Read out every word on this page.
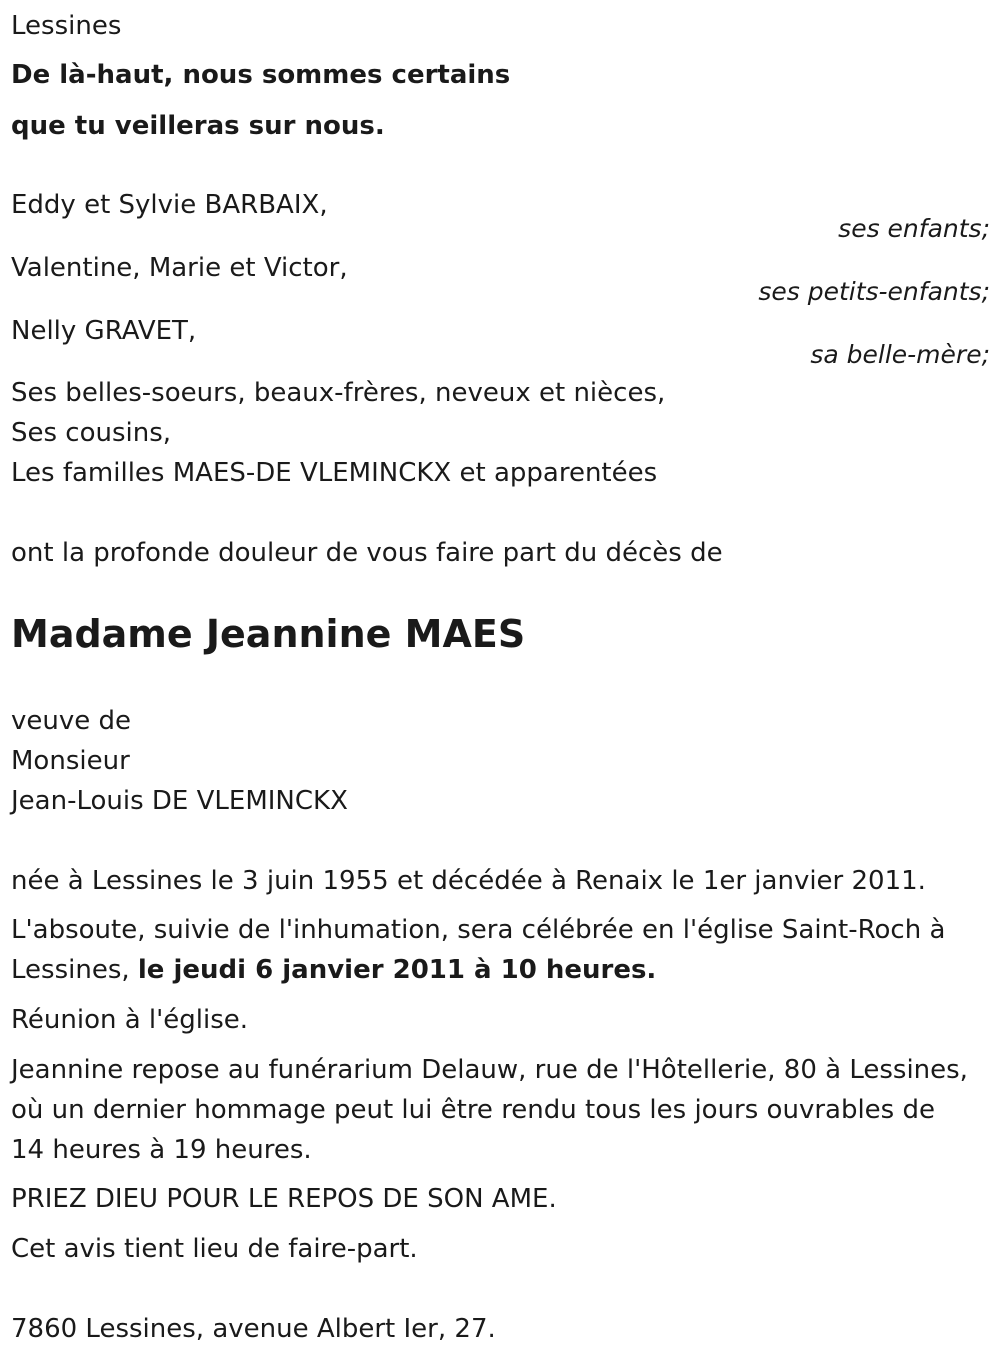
Lessines
De là-haut, nous sommes certains
que tu veilleras sur nous.
Eddy et Sylvie BARBAIX,
ses enfants;
Valentine, Marie et Victor,
ses petits-enfants;
Nelly GRAVET,
sa belle-mère;
Ses belles-soeurs, beaux-frères, neveux et nièces,
Ses cousins,
Les familles MAES-DE VLEMINCKX et apparentées
ont la profonde douleur de vous faire part du décès de
Madame Jeannine MAES
veuve de
Monsieur
Jean-Louis DE VLEMINCKX
née à Lessines le 3 juin 1955 et décédée à Renaix le 1er janvier 2011.
L'absoute, suivie de l'inhumation, sera célébrée en l'église Saint-Roch à
Lessines, le jeudi 6 janvier 2011 à 10 heures.
Réunion à l'église.
Jeannine repose au funérarium Delauw, rue de l'Hôtellerie, 80 à Lessines,
où un dernier hommage peut lui être rendu tous les jours ouvrables de
14 heures à 19 heures.
PRIEZ DIEU POUR LE REPOS DE SON AME.
Cet avis tient lieu de faire-part.
7860 Lessines, avenue Albert Ier, 27.
